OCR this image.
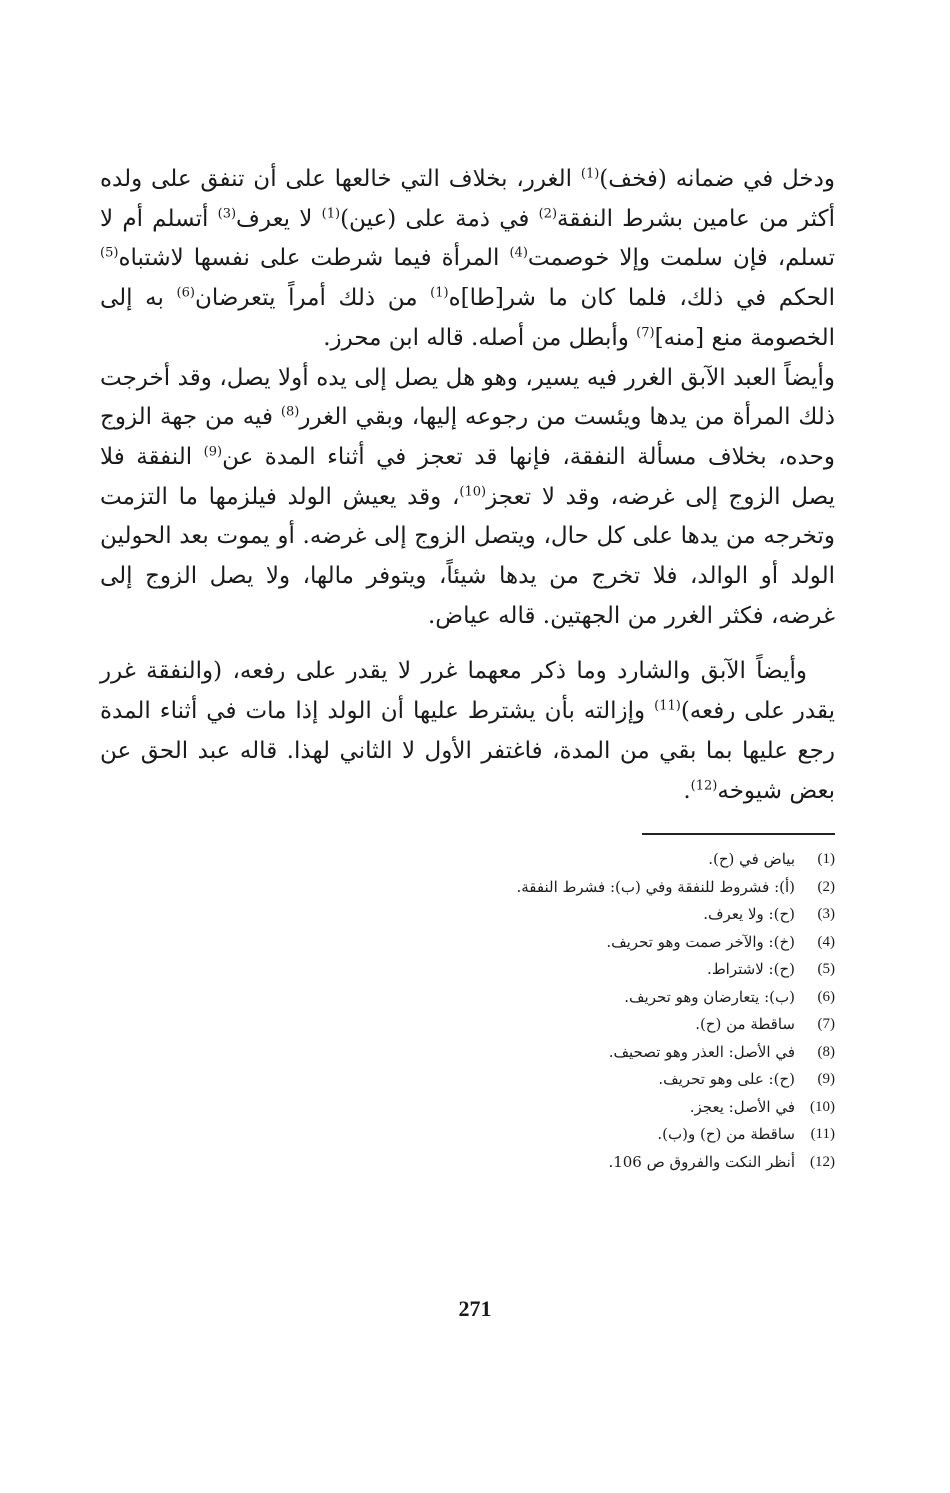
ودخل في ضمانه (فخف)$^{(1)}$ الغرر، بخلاف التي خالعها على أن تنفق على ولده أكثر من عامين بشرط النفقة$^{(2)}$ في ذمة على (عين)$^{(1)}$ لا يعرف$^{(3)}$ أتسلم أم لا تسلم، فإن سلمت وإلا خوصمت$^{(4)}$ المرأة فيما شرطت على نفسها لاشتباه$^{(5)}$ الحكم في ذلك، فلما كان ما شر[طا]ه$^{(1)}$ من ذلك أمراً يتعرضان$^{(6)}$ به إلى الخصومة منع [منه]$^{(7)}$ وأبطل من أصله. قاله ابن محرز.

وأيضاً العبد الآبق الغرر فيه يسير، وهو هل يصل إلى يده أولا يصل، وقد أخرجت ذلك المرأة من يدها ويئست من رجوعه إليها، وبقي الغرر$^{(8)}$ فيه من جهة الزوج وحده، بخلاف مسألة النفقة، فإنها قد تعجز في أثناء المدة عن$^{(9)}$ النفقة فلا يصل الزوج إلى غرضه، وقد لا تعجز$^{(10)}$، وقد يعيش الولد فيلزمها ما التزمت وتخرجه من يدها على كل حال، ويتصل الزوج إلى غرضه. أو يموت بعد الحولين الولد أو الوالد، فلا تخرج من يدها شيئاً، ويتوفر مالها، ولا يصل الزوج إلى غرضه، فكثر الغرر من الجهتين. قاله عياض.

وأيضاً الآبق والشارد وما ذكر معهما غرر لا يقدر على رفعه، (والنفقة غرر يقدر على رفعه)$^{(11)}$ وإزالته بأن يشترط عليها أن الولد إذا مات في أثناء المدة رجع عليها بما بقي من المدة، فاغتفر الأول لا الثاني لهذا. قاله عبد الحق عن بعض شيوخه$^{(12)}$.

(1)
بياض في (ح).
(2)
(أ): فشروط للنفقة وفي (ب): فشرط النفقة.
(3)
(ح): ولا يعرف.
(4)
(خ): والآخر صمت وهو تحريف.
(5)
(ح): لاشتراط.
(6)
(ب): يتعارضان وهو تحريف.
(7)
ساقطة من (ح).
(8)
في الأصل: العذر وهو تصحيف.
(9)
(ح): على وهو تحريف.
(10)
في الأصل: يعجز.
(11)
ساقطة من (ح) و(ب).
(12)
أنظر النكت والفروق ص 106.
271
